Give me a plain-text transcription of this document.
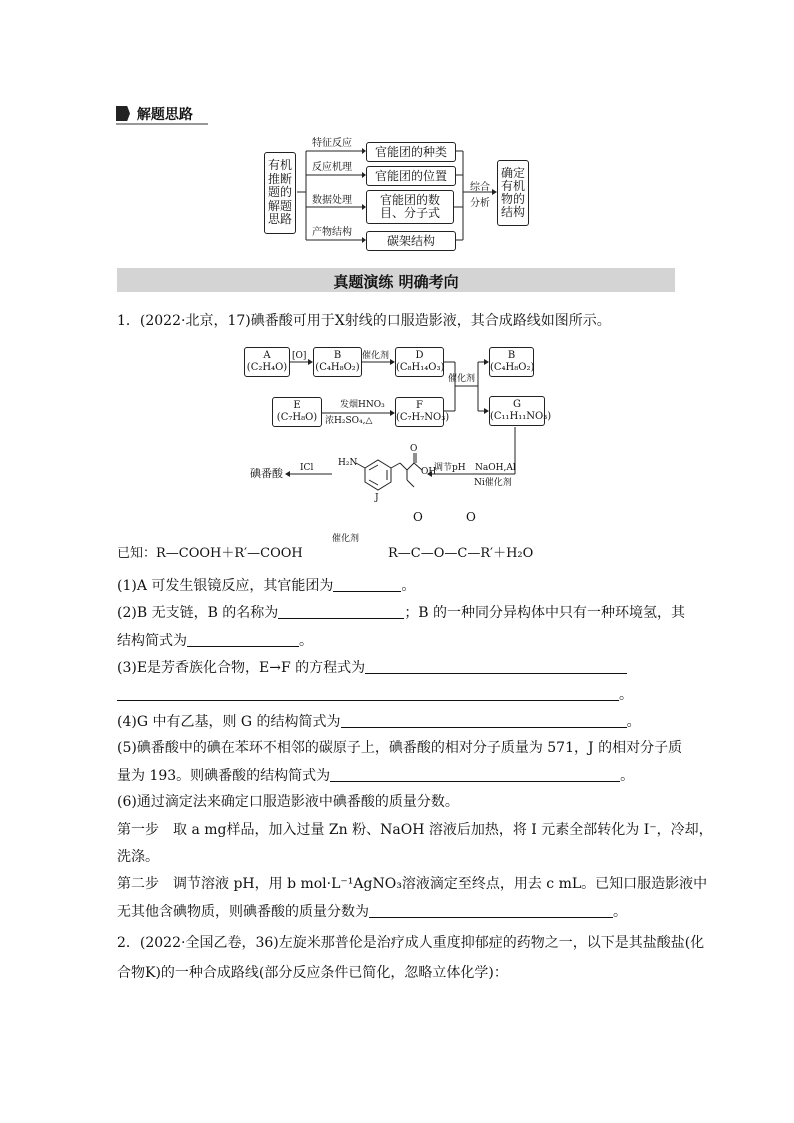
解题思路
有机推断题的解题思路
特征反应
反应机理
数据处理
产物结构
官能团的种类
官能团的位置
官能团的数目、分子式
碳架结构
综合分析
确定有机物的结构
真题演练 明确考向
1．(2022·北京，17)碘番酸可用于X射线的口服造影液，其合成路线如图所示。
A
(C₂H₄O)
B
(C₄H₈O₂)
D
(C₈H₁₄O₃)
E
(C₇H₈O)
F
(C₇H₇NO₃)
B
(C₄H₈O₂)
G
(C₁₁H₁₁NO₃)
[O]	催化剂
发烟HNO₃
浓H₂SO₄,△
催化剂
NaOH,Al
Ni催化剂
调节pH
ICl
碘番酸
H₂N
O
OH
J
已知：R—COOH＋R′—COOH
催化剂
R—C—O—C—R′＋H₂O
O	O
(1)A 可发生银镜反应，其官能团为	。
(2)B 无支链，B 的名称为	；B 的一种同分异构体中只有一种环境氢，其
结构简式为	。
(3)E是芳香族化合物，E→F 的方程式为
。
(4)G 中有乙基，则 G 的结构简式为	。
(5)碘番酸中的碘在苯环不相邻的碳原子上，碘番酸的相对分子质量为 571，J 的相对分子质
量为 193。则碘番酸的结构简式为	。
(6)通过滴定法来确定口服造影液中碘番酸的质量分数。
第一步　取 a mg样品，加入过量 Zn 粉、NaOH 溶液后加热，将 I 元素全部转化为 I⁻，冷却，
洗涤。
第二步　调节溶液 pH，用 b mol·L⁻¹AgNO₃溶液滴定至终点，用去 c mL。已知口服造影液中
无其他含碘物质，则碘番酸的质量分数为	。
2．(2022·全国乙卷，36)左旋米那普伦是治疗成人重度抑郁症的药物之一，以下是其盐酸盐(化
合物K)的一种合成路线(部分反应条件已简化，忽略立体化学)：
